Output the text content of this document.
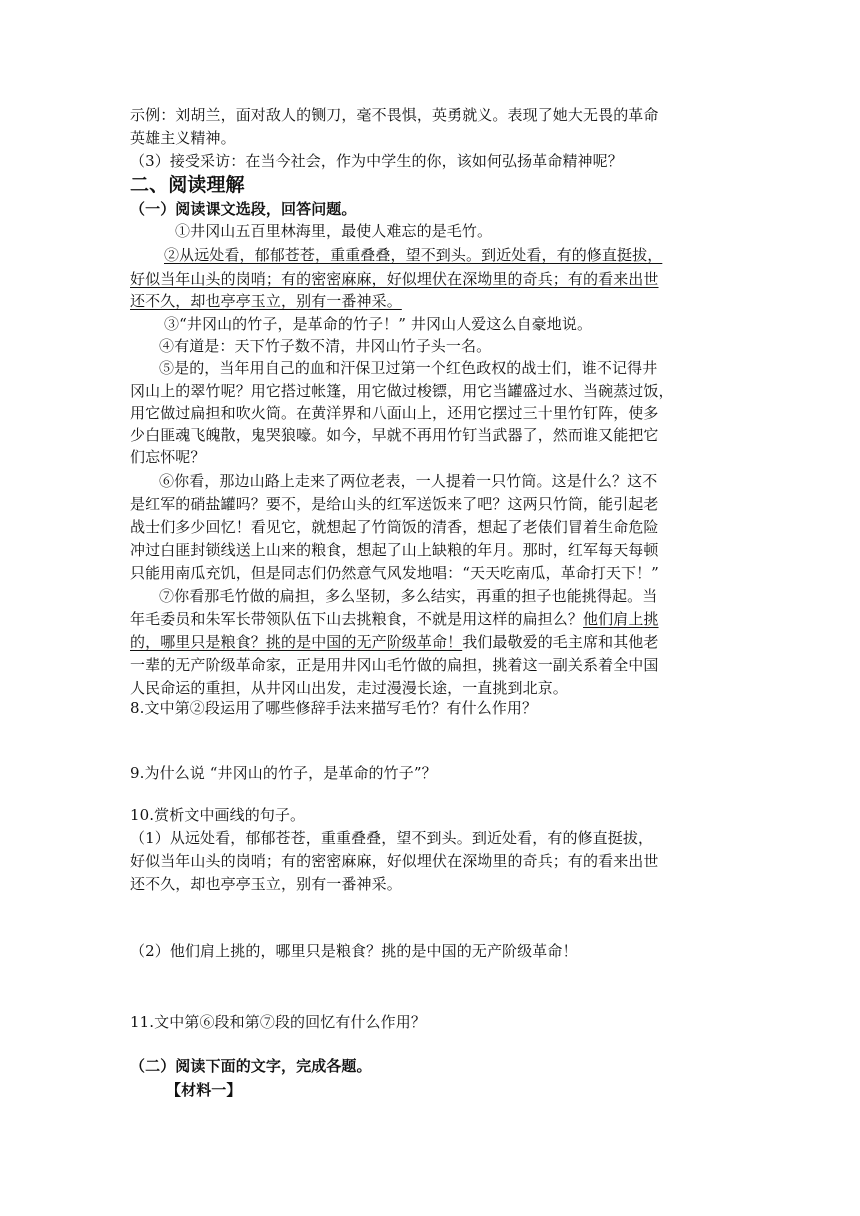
示例：刘胡兰，面对敌人的铡刀，毫不畏惧，英勇就义。表现了她大无畏的革命
英雄主义精神。
（3）接受采访：在当今社会，作为中学生的你，该如何弘扬革命精神呢？
二、阅读理解
（一）阅读课文选段，回答问题。
①井冈山五百里林海里，最使人难忘的是毛竹。
②从远处看，郁郁苍苍，重重叠叠，望不到头。到近处看，有的修直挺拔，
好似当年山头的岗哨；有的密密麻麻，好似埋伏在深坳里的奇兵；有的看来出世
还不久，却也亭亭玉立，别有一番神采。
③“井冈山的竹子，是革命的竹子！” 井冈山人爱这么自豪地说。
④有道是：天下竹子数不清，井冈山竹子头一名。
⑤是的，当年用自己的血和汗保卫过第一个红色政权的战士们，谁不记得井
冈山上的翠竹呢？用它搭过帐篷，用它做过梭镖，用它当罐盛过水、当碗蒸过饭，
用它做过扁担和吹火筒。在黄洋界和八面山上，还用它摆过三十里竹钉阵，使多
少白匪魂飞魄散，鬼哭狼嚎。如今，早就不再用竹钉当武器了，然而谁又能把它
们忘怀呢？
⑥你看，那边山路上走来了两位老表，一人提着一只竹筒。这是什么？这不
是红军的硝盐罐吗？要不，是给山头的红军送饭来了吧？这两只竹筒，能引起老
战士们多少回忆！看见它，就想起了竹筒饭的清香，想起了老俵们冒着生命危险
冲过白匪封锁线送上山来的粮食，想起了山上缺粮的年月。那时，红军每天每顿
只能用南瓜充饥，但是同志们仍然意气风发地唱：“天天吃南瓜，革命打天下！”
⑦你看那毛竹做的扁担，多么坚韧，多么结实，再重的担子也能挑得起。当
年毛委员和朱军长带领队伍下山去挑粮食，不就是用这样的扁担么？他们肩上挑
的，哪里只是粮食？挑的是中国的无产阶级革命！我们最敬爱的毛主席和其他老
一辈的无产阶级革命家，正是用井冈山毛竹做的扁担，挑着这一副关系着全中国
人民命运的重担，从井冈山出发，走过漫漫长途，一直挑到北京。
8.文中第②段运用了哪些修辞手法来描写毛竹？有什么作用？
9.为什么说 “井冈山的竹子，是革命的竹子”？
10.赏析文中画线的句子。
（1）从远处看，郁郁苍苍，重重叠叠，望不到头。到近处看，有的修直挺拔，
好似当年山头的岗哨；有的密密麻麻，好似埋伏在深坳里的奇兵；有的看来出世
还不久，却也亭亭玉立，别有一番神采。
（2）他们肩上挑的，哪里只是粮食？挑的是中国的无产阶级革命！
11.文中第⑥段和第⑦段的回忆有什么作用？
（二）阅读下面的文字，完成各题。
【材料一】
